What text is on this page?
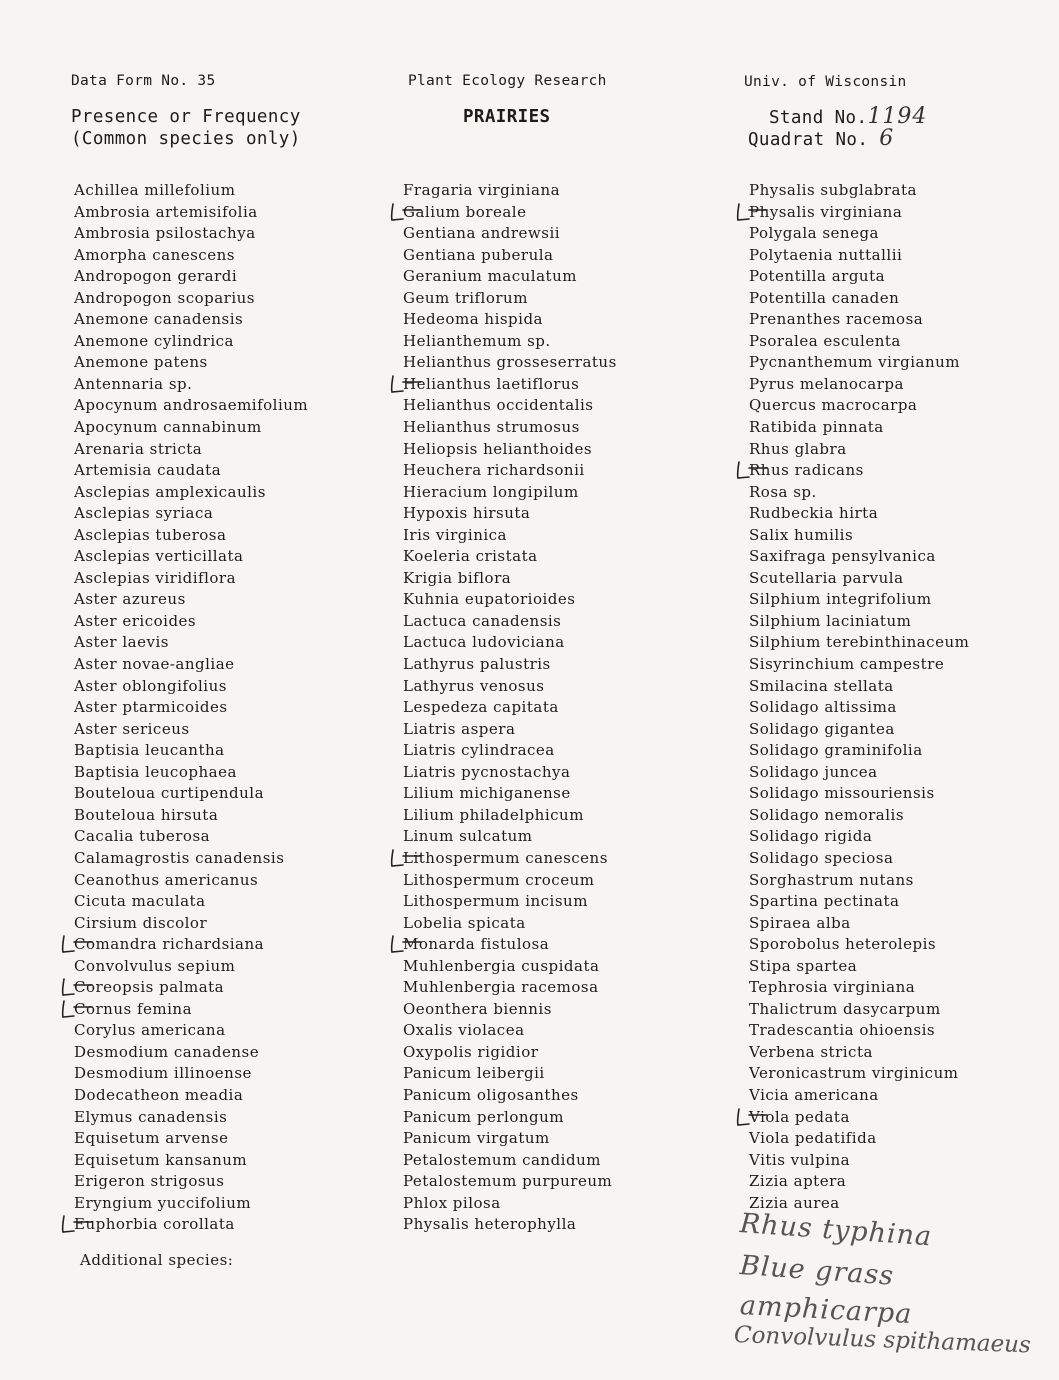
Data Form No. 35	Plant Ecology Research	Univ. of Wisconsin
Presence or Frequency
(Common species only)
PRAIRIES	Stand No.1194
Quadrat No. 6
Achillea millefolium
Ambrosia artemisifolia
Ambrosia psilostachya
Amorpha canescens
Andropogon gerardi
Andropogon scoparius
Anemone canadensis
Anemone cylindrica
Anemone patens
Antennaria sp.
Apocynum androsaemifolium
Apocynum cannabinum
Arenaria stricta
Artemisia caudata
Asclepias amplexicaulis
Asclepias syriaca
Asclepias tuberosa
Asclepias verticillata
Asclepias viridiflora
Aster azureus
Aster ericoides
Aster laevis
Aster novae-angliae
Aster oblongifolius
Aster ptarmicoides
Aster sericeus
Baptisia leucantha
Baptisia leucophaea
Bouteloua curtipendula
Bouteloua hirsuta
Cacalia tuberosa
Calamagrostis canadensis
Ceanothus americanus
Cicuta maculata
Cirsium discolor
Comandra richardsiana
Convolvulus sepium
Coreopsis palmata
Cornus femina
Corylus americana
Desmodium canadense
Desmodium illinoense
Dodecatheon meadia
Elymus canadensis
Equisetum arvense
Equisetum kansanum
Erigeron strigosus
Eryngium yuccifolium
Euphorbia corollata
Fragaria virginiana
Galium boreale
Gentiana andrewsii
Gentiana puberula
Geranium maculatum
Geum triflorum
Hedeoma hispida
Helianthemum sp.
Helianthus grosseserratus
Helianthus laetiflorus
Helianthus occidentalis
Helianthus strumosus
Heliopsis helianthoides
Heuchera richardsonii
Hieracium longipilum
Hypoxis hirsuta
Iris virginica
Koeleria cristata
Krigia biflora
Kuhnia eupatorioides
Lactuca canadensis
Lactuca ludoviciana
Lathyrus palustris
Lathyrus venosus
Lespedeza capitata
Liatris aspera
Liatris cylindracea
Liatris pycnostachya
Lilium michiganense
Lilium philadelphicum
Linum sulcatum
Lithospermum canescens
Lithospermum croceum
Lithospermum incisum
Lobelia spicata
Monarda fistulosa
Muhlenbergia cuspidata
Muhlenbergia racemosa
Oeonthera biennis
Oxalis violacea
Oxypolis rigidior
Panicum leibergii
Panicum oligosanthes
Panicum perlongum
Panicum virgatum
Petalostemum candidum
Petalostemum purpureum
Phlox pilosa
Physalis heterophylla
Physalis subglabrata
Physalis virginiana
Polygala senega
Polytaenia nuttallii
Potentilla arguta
Potentilla canaden
Prenanthes racemosa
Psoralea esculenta
Pycnanthemum virgianum
Pyrus melanocarpa
Quercus macrocarpa
Ratibida pinnata
Rhus glabra
Rhus radicans
Rosa sp.
Rudbeckia hirta
Salix humilis
Saxifraga pensylvanica
Scutellaria parvula
Silphium integrifolium
Silphium laciniatum
Silphium terebinthinaceum
Sisyrinchium campestre
Smilacina stellata
Solidago altissima
Solidago gigantea
Solidago graminifolia
Solidago juncea
Solidago missouriensis
Solidago nemoralis
Solidago rigida
Solidago speciosa
Sorghastrum nutans
Spartina pectinata
Spiraea alba
Sporobolus heterolepis
Stipa spartea
Tephrosia virginiana
Thalictrum dasycarpum
Tradescantia ohioensis
Verbena stricta
Veronicastrum virginicum
Vicia americana
Viola pedata
Viola pedatifida
Vitis vulpina
Zizia aptera
Zizia aurea
Additional species:
Rhus typhina
Blue grass
amphicarpa
Convolvulus spithamaeus
